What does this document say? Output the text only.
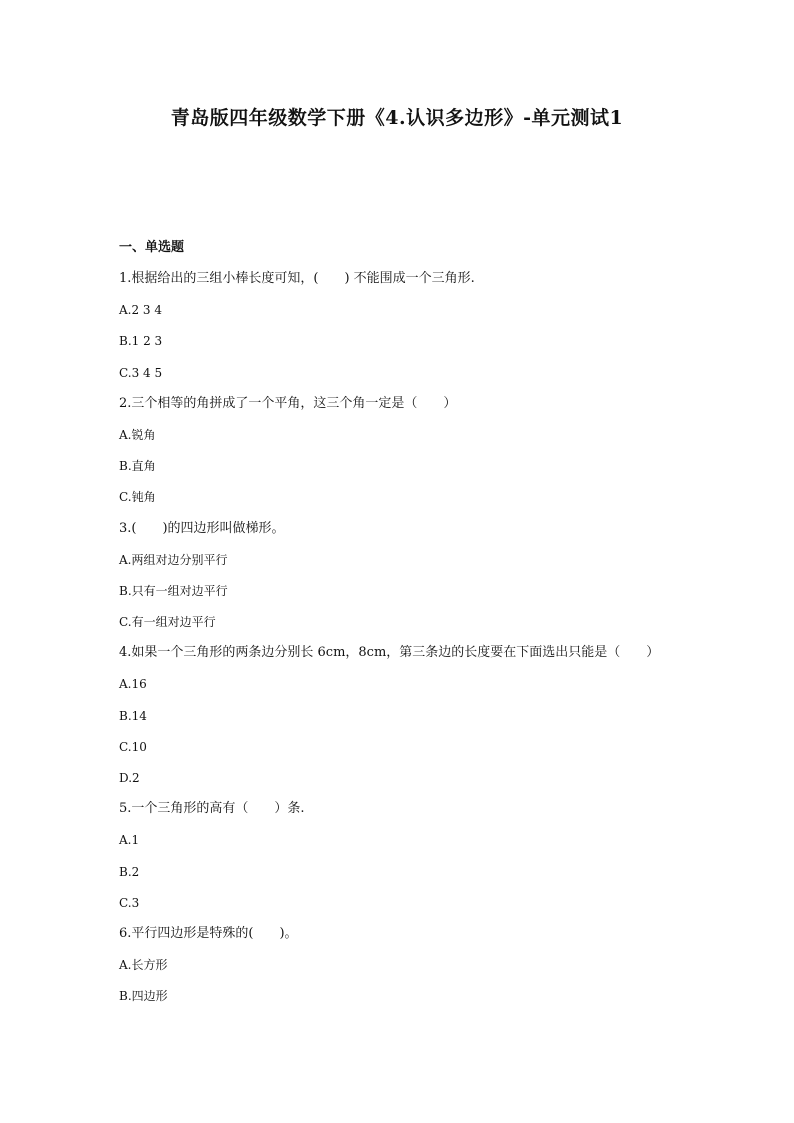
青岛版四年级数学下册《4.认识多边形》-单元测试1
一、单选题
1.根据给出的三组小棒长度可知，(　　) 不能围成一个三角形.
A.2 3 4
B.1 2 3
C.3 4 5
2.三个相等的角拼成了一个平角，这三个角一定是（　　）
A.锐角
B.直角
C.钝角
3.(　　)的四边形叫做梯形。
A.两组对边分别平行
B.只有一组对边平行
C.有一组对边平行
4.如果一个三角形的两条边分别长 6cm，8cm，第三条边的长度要在下面选出只能是（　　）
A.16
B.14
C.10
D.2
5.一个三角形的高有（　　）条.
A.1
B.2
C.3
6.平行四边形是特殊的(　　)。
A.长方形
B.四边形
